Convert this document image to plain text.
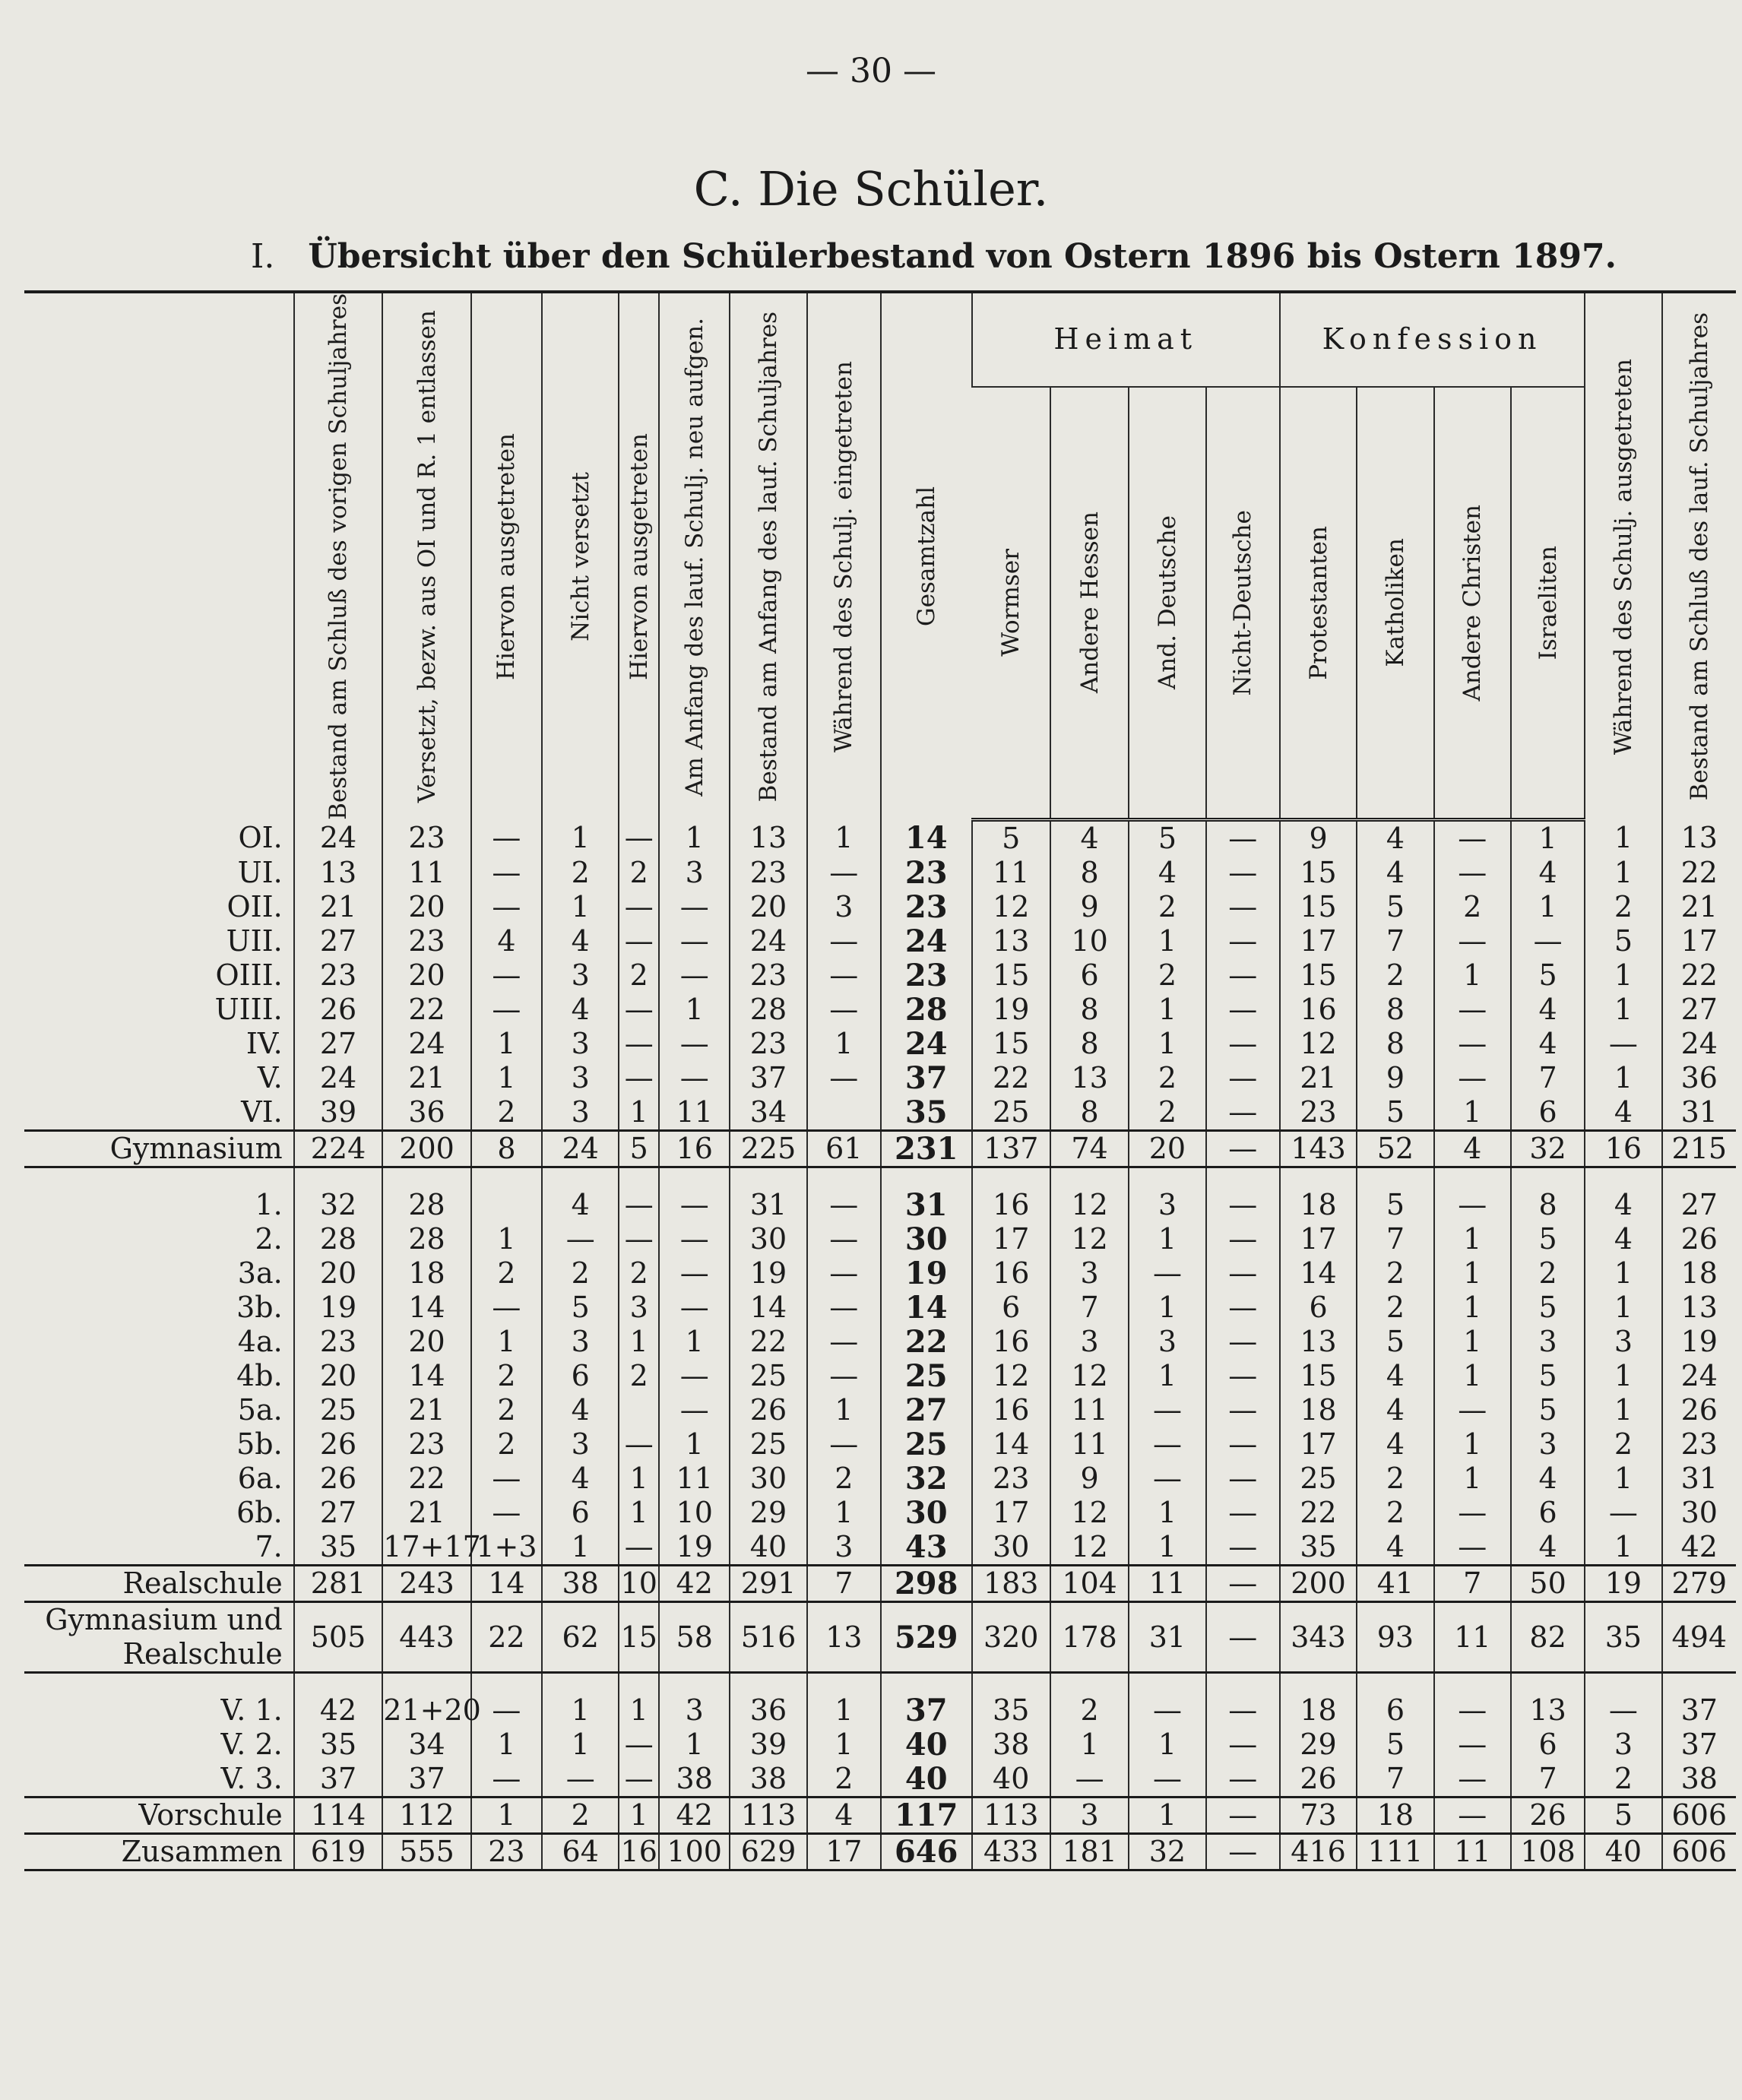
— 30 —
C. Die Schüler.
I. Übersicht über den Schülerbestand von Ostern 1896 bis Ostern 1897.

	Bestand am Schluß des vorigen Schuljahres	Versetzt, bezw. aus OI und R. 1 entlassen	Hiervon ausgetreten	Nicht versetzt	Hiervon ausgetreten	Am Anfang des lauf. Schulj. neu aufgen.	Bestand am Anfang des lauf. Schuljahres	Während des Schulj. eingetreten	Gesamtzahl	Heimat				Konfession				Während des Schulj. ausgetreten	Bestand am Schluß des lauf. Schuljahres

										Wormser	Andere Hessen	And. Deutsche	Nicht-Deutsche	Protestanten	Katholiken	Andere Christen	Israeliten		

OI.	24	23	—	1	—	1	13	1	14	5	4	5	—	9	4	—	1	1	13
UI.	13	11	—	2	2	3	23	—	23	11	8	4	—	15	4	—	4	1	22
OII.	21	20	—	1	—	—	20	3	23	12	9	2	—	15	5	2	1	2	21
UII.	27	23	4	4	—	—	24	—	24	13	10	1	—	17	7	—	—	5	17
OIII.	23	20	—	3	2	—	23	—	23	15	6	2	—	15	2	1	5	1	22
UIII.	26	22	—	4	—	1	28	—	28	19	8	1	—	16	8	—	4	1	27
IV.	27	24	1	3	—	—	23	1	24	15	8	1	—	12	8	—	4	—	24
V.	24	21	1	3	—	—	37	—	37	22	13	2	—	21	9	—	7	1	36
VI.	39	36	2	3	1	11	34		35	25	8	2	—	23	5	1	6	4	31
Gymnasium	224	200	8	24	5	16	225	61	231	137	74	20	—	143	52	4	32	16	215

1.	32	28		4	—	—	31	—	31	16	12	3	—	18	5	—	8	4	27
2.	28	28	1	—	—	—	30	—	30	17	12	1	—	17	7	1	5	4	26
3a.	20	18	2	2	2	—	19	—	19	16	3	—	—	14	2	1	2	1	18
3b.	19	14	—	5	3	—	14	—	14	6	7	1	—	6	2	1	5	1	13
4a.	23	20	1	3	1	1	22	—	22	16	3	3	—	13	5	1	3	3	19
4b.	20	14	2	6	2	—	25	—	25	12	12	1	—	15	4	1	5	1	24
5a.	25	21	2	4		—	26	1	27	16	11	—	—	18	4	—	5	1	26
5b.	26	23	2	3	—	1	25	—	25	14	11	—	—	17	4	1	3	2	23
6a.	26	22	—	4	1	11	30	2	32	23	9	—	—	25	2	1	4	1	31
6b.	27	21	—	6	1	10	29	1	30	17	12	1	—	22	2	—	6	—	30
7.	35	17+17	1+3	1	—	19	40	3	43	30	12	1	—	35	4	—	4	1	42
Realschule	281	243	14	38	10	42	291	7	298	183	104	11	—	200	41	7	50	19	279

Gymnasium und
Realschule	505	443	22	62	15	58	516	13	529	320	178	31	—	343	93	11	82	35	494

V. 1.	42	21+20	—	1	1	3	36	1	37	35	2	—	—	18	6	—	13	—	37
V. 2.	35	34	1	1	—	1	39	1	40	38	1	1	—	29	5	—	6	3	37
V. 3.	37	37	—	—	—	38	38	2	40	40	—	—	—	26	7	—	7	2	38
Vorschule	114	112	1	2	1	42	113	4	117	113	3	1	—	73	18	—	26	5	606
Zusammen	619	555	23	64	16	100	629	17	646	433	181	32	—	416	111	11	108	40	606
